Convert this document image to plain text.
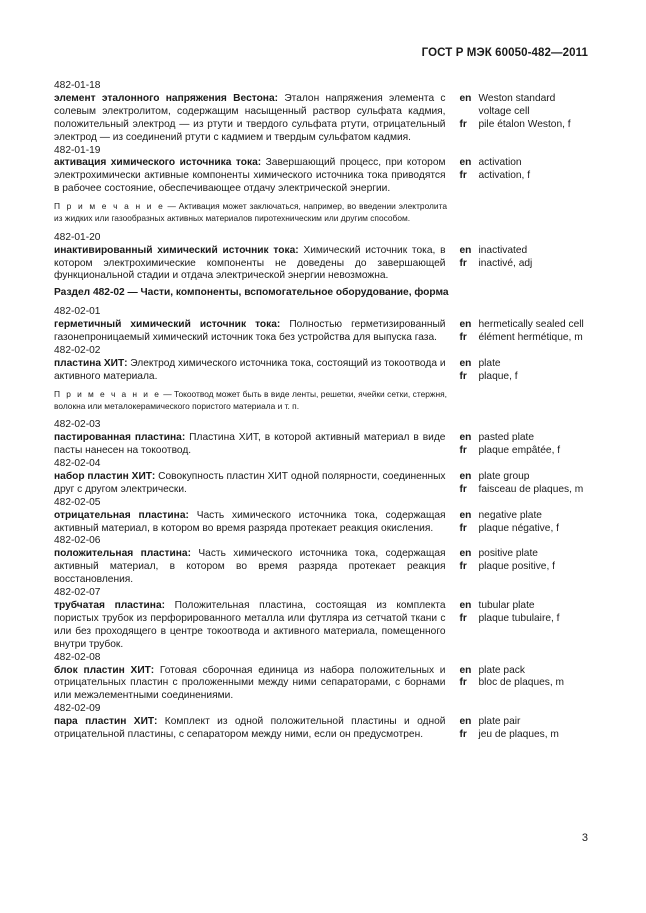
ГОСТ Р МЭК 60050-482—2011
482-01-18
элемент эталонного напряжения Вестона: Эталон напряжения элемента с солевым электролитом, содержащим насыщенный раствор сульфата кадмия, положительный электрод — из ртути и твердого сульфата ртути, отрицательный электрод — из соединений ртути с кадмием и твердым сульфатом кадмия.
en Weston standard voltage cell
fr	pile étalon Weston, f
482-01-19
активация химического источника тока: Завершающий процесс, при котором электрохимически активные компоненты химического источника тока приводятся в рабочее состояние, обеспечивающее отдачу электрической энергии.
en activation
fr	activation, f
П р и м е ч а н и е — Активация может заключаться, например, во введении электролита из жидких или газообразных активных материалов пиротехническим или другим способом.
482-01-20
инактивированный химический источник тока: Химический источник тока, в котором электрохимические компоненты не доведены до завершающей функциональной стадии и отдача электрической энергии невозможна.
en inactivated
fr	inactivé, adj
Раздел 482-02 — Части, компоненты, вспомогательное оборудование, форма
482-02-01
герметичный химический источник тока: Полностью герметизированный газонепроницаемый химический источник тока без устройства для выпуска газа.
en hermetically sealed cell
fr	élément hermétique, m
482-02-02
пластина ХИТ: Электрод химического источника тока, состоящий из токоотвода и активного материала.
en plate
fr	plaque, f
П р и м е ч а н и е — Токоотвод может быть в виде ленты, решетки, ячейки сетки, стержня, волокна или металокерамического пористого материала и т. п.
482-02-03
пастированная пластина: Пластина ХИТ, в которой активный материал в виде пасты нанесен на токоотвод.
en pasted plate
fr	plaque empâtée, f
482-02-04
набор пластин ХИТ: Совокупность пластин ХИТ одной полярности, соединенных друг с другом электрически.
en plate group
fr	faisceau de plaques, m
482-02-05
отрицательная пластина: Часть химического источника тока, содержащая активный материал, в котором во время разряда протекает реакция окисления.
en negative plate
fr	plaque négative, f
482-02-06
положительная пластина: Часть химического источника тока, содержащая активный материал, в котором во время разряда протекает реакция восстановления.
en positive plate
fr	plaque positive, f
482-02-07
трубчатая пластина: Положительная пластина, состоящая из комплекта пористых трубок из перфорированного металла или футляра из сетчатой ткани с или без проходящего в центре токоотвода и активного материала, помещенного внутри трубок.
en tubular plate
fr	plaque tubulaire, f
482-02-08
блок пластин ХИТ: Готовая сборочная единица из набора положительных и отрицательных пластин с проложенными между ними сепараторами, с борнами или межэлементными соединениями.
en plate pack
fr	bloc de plaques, m
482-02-09
пара пластин ХИТ: Комплект из одной положительной пластины и одной отрицательной пластины, с сепаратором между ними, если он предусмотрен.
en plate pair
fr	jeu de plaques, m
3
